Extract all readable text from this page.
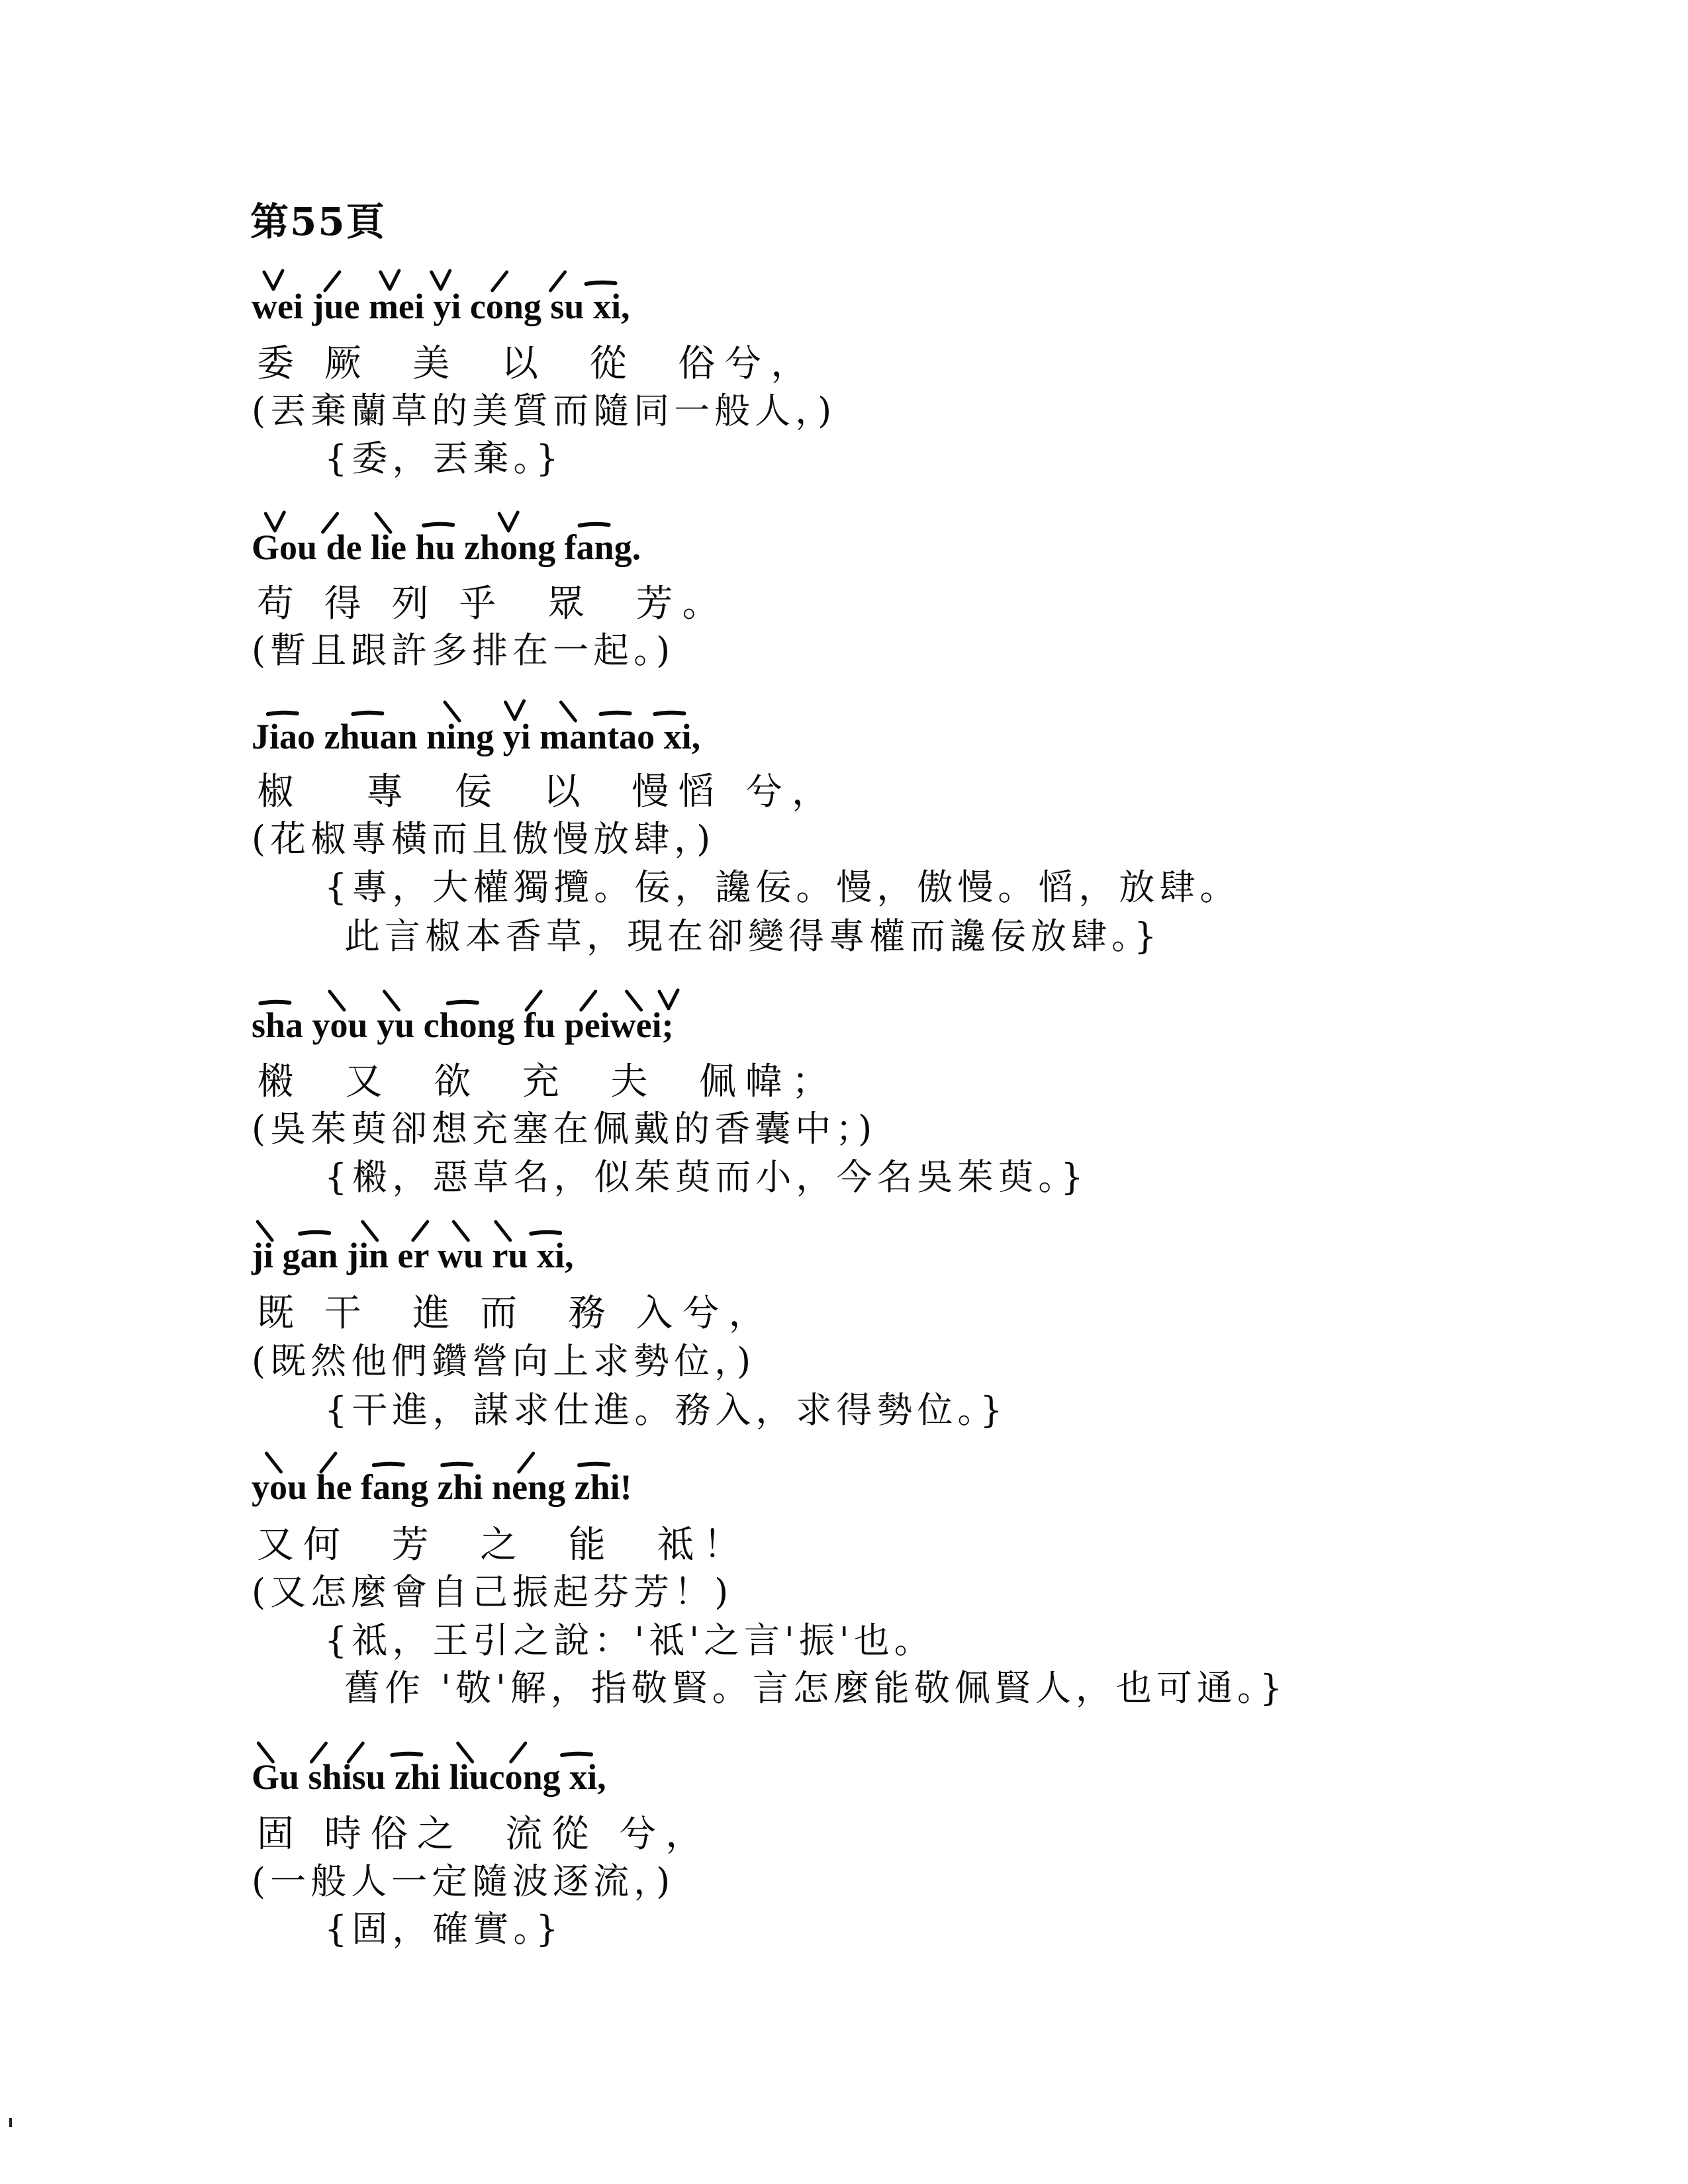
第55頁
wei jue mei yi cong su xi,
委 厥  美  以  從  俗兮，
(丟棄蘭草的美質而隨同一般人，)
{委，丟棄。}
Gou de lie hu zhong fang.
苟 得 列 乎  眾  芳。
(暫且跟許多排在一起。)
Jiao zhuan ning yi mantao xi,
椒   專  佞  以  慢慆 兮，
(花椒專橫而且傲慢放肆，)
{專，大權獨攬。佞，讒佞。慢，傲慢。慆，放肆。
此言椒本香草，現在卻變得專權而讒佞放肆。}
sha you yu chong fu peiwei;
樧  又  欲  充  夫  佩幃；
(吳茱萸卻想充塞在佩戴的香囊中；)
{樧，惡草名，似茱萸而小，今名吳茱萸。}
ji gan jin er wu ru xi,
既 干  進 而  務 入兮，
(既然他們鑽營向上求勢位，)
{干進，謀求仕進。務入，求得勢位。}
you he fang zhi neng zhi!
又何  芳  之  能  祗！
(又怎麼會自己振起芬芳！)
{祗，王引之說：'祗'之言'振'也。
舊作 '敬'解，指敬賢。言怎麼能敬佩賢人，也可通。}
Gu shisu zhi liucong xi,
固 時俗之  流從 兮，
(一般人一定隨波逐流，)
{固，確實。}
